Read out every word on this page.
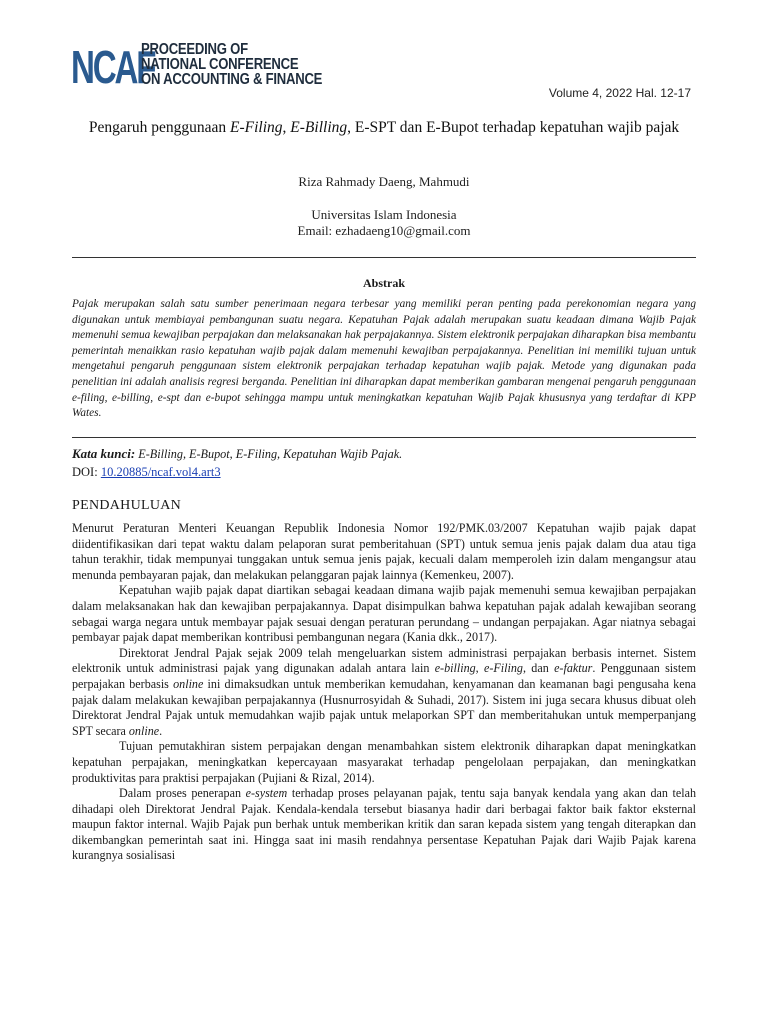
NCAF
PROCEEDING OF
NATIONAL CONFERENCE
ON ACCOUNTING & FINANCE
Volume 4, 2022 Hal. 12-17
Pengaruh penggunaan E-Filing, E-Billing, E-SPT dan E-Bupot terhadap kepatuhan wajib pajak
Riza Rahmady Daeng, Mahmudi
Universitas Islam Indonesia
Email: ezhadaeng10@gmail.com
Abstrak
Pajak merupakan salah satu sumber penerimaan negara terbesar yang memiliki peran penting pada perekonomian negara yang digunakan untuk membiayai pembangunan suatu negara. Kepatuhan Pajak adalah merupakan suatu keadaan dimana Wajib Pajak memenuhi semua kewajiban perpajakan dan melaksanakan hak perpajakannya. Sistem elektronik perpajakan diharapkan bisa membantu pemerintah menaikkan rasio kepatuhan wajib pajak dalam memenuhi kewajiban perpajakannya. Penelitian ini memiliki tujuan untuk mengetahui pengaruh penggunaan sistem elektronik perpajakan terhadap kepatuhan wajib pajak. Metode yang digunakan pada penelitian ini adalah analisis regresi berganda. Penelitian ini diharapkan dapat memberikan gambaran mengenai pengaruh penggunaan e-filing, e-billing, e-spt dan e-bupot sehingga mampu untuk meningkatkan kepatuhan Wajib Pajak khususnya yang terdaftar di KPP Wates.
Kata kunci: E-Billing, E-Bupot, E-Filing, Kepatuhan Wajib Pajak.
DOI: 10.20885/ncaf.vol4.art3
PENDAHULUAN

Menurut Peraturan Menteri Keuangan Republik Indonesia Nomor 192/PMK.03/2007 Kepatuhan wajib pajak dapat diidentifikasikan dari tepat waktu dalam pelaporan surat pemberitahuan (SPT) untuk semua jenis pajak dalam dua atau tiga tahun terakhir, tidak mempunyai tunggakan untuk semua jenis pajak, kecuali dalam memperoleh izin dalam mengangsur atau menunda pembayaran pajak, dan melakukan pelanggaran pajak lainnya (Kemenkeu, 2007).

Kepatuhan wajib pajak dapat diartikan sebagai keadaan dimana wajib pajak memenuhi semua kewajiban perpajakan dalam melaksanakan hak dan kewajiban perpajakannya. Dapat disimpulkan bahwa kepatuhan pajak adalah kewajiban seorang sebagai warga negara untuk membayar pajak sesuai dengan peraturan perundang – undangan perpajakan. Agar niatnya sebagai pembayar pajak dapat memberikan kontribusi pembangunan negara (Kania dkk., 2017).

Direktorat Jendral Pajak sejak 2009 telah mengeluarkan sistem administrasi perpajakan berbasis internet. Sistem elektronik untuk administrasi pajak yang digunakan adalah antara lain e-billing, e-Filing, dan e-faktur. Penggunaan sistem perpajakan berbasis online ini dimaksudkan untuk memberikan kemudahan, kenyamanan dan keamanan bagi pengusaha kena pajak dalam melakukan kewajiban perpajakannya (Husnurrosyidah & Suhadi, 2017). Sistem ini juga secara khusus dibuat oleh Direktorat Jendral Pajak untuk memudahkan wajib pajak untuk melaporkan SPT dan memberitahukan untuk memperpanjang SPT secara online.

Tujuan pemutakhiran sistem perpajakan dengan menambahkan sistem elektronik diharapkan dapat meningkatkan kepatuhan perpajakan, meningkatkan kepercayaan masyarakat terhadap pengelolaan perpajakan, dan meningkatkan produktivitas para praktisi perpajakan (Pujiani & Rizal, 2014).

Dalam proses penerapan e-system terhadap proses pelayanan pajak, tentu saja banyak kendala yang akan dan telah dihadapi oleh Direktorat Jendral Pajak. Kendala-kendala tersebut biasanya hadir dari berbagai faktor baik faktor eksternal maupun faktor internal. Wajib Pajak pun berhak untuk memberikan kritik dan saran kepada sistem yang tengah diterapkan dan dikembangkan pemerintah saat ini. Hingga saat ini masih rendahnya persentase Kepatuhan Pajak dari Wajib Pajak karena kurangnya sosialisasi
